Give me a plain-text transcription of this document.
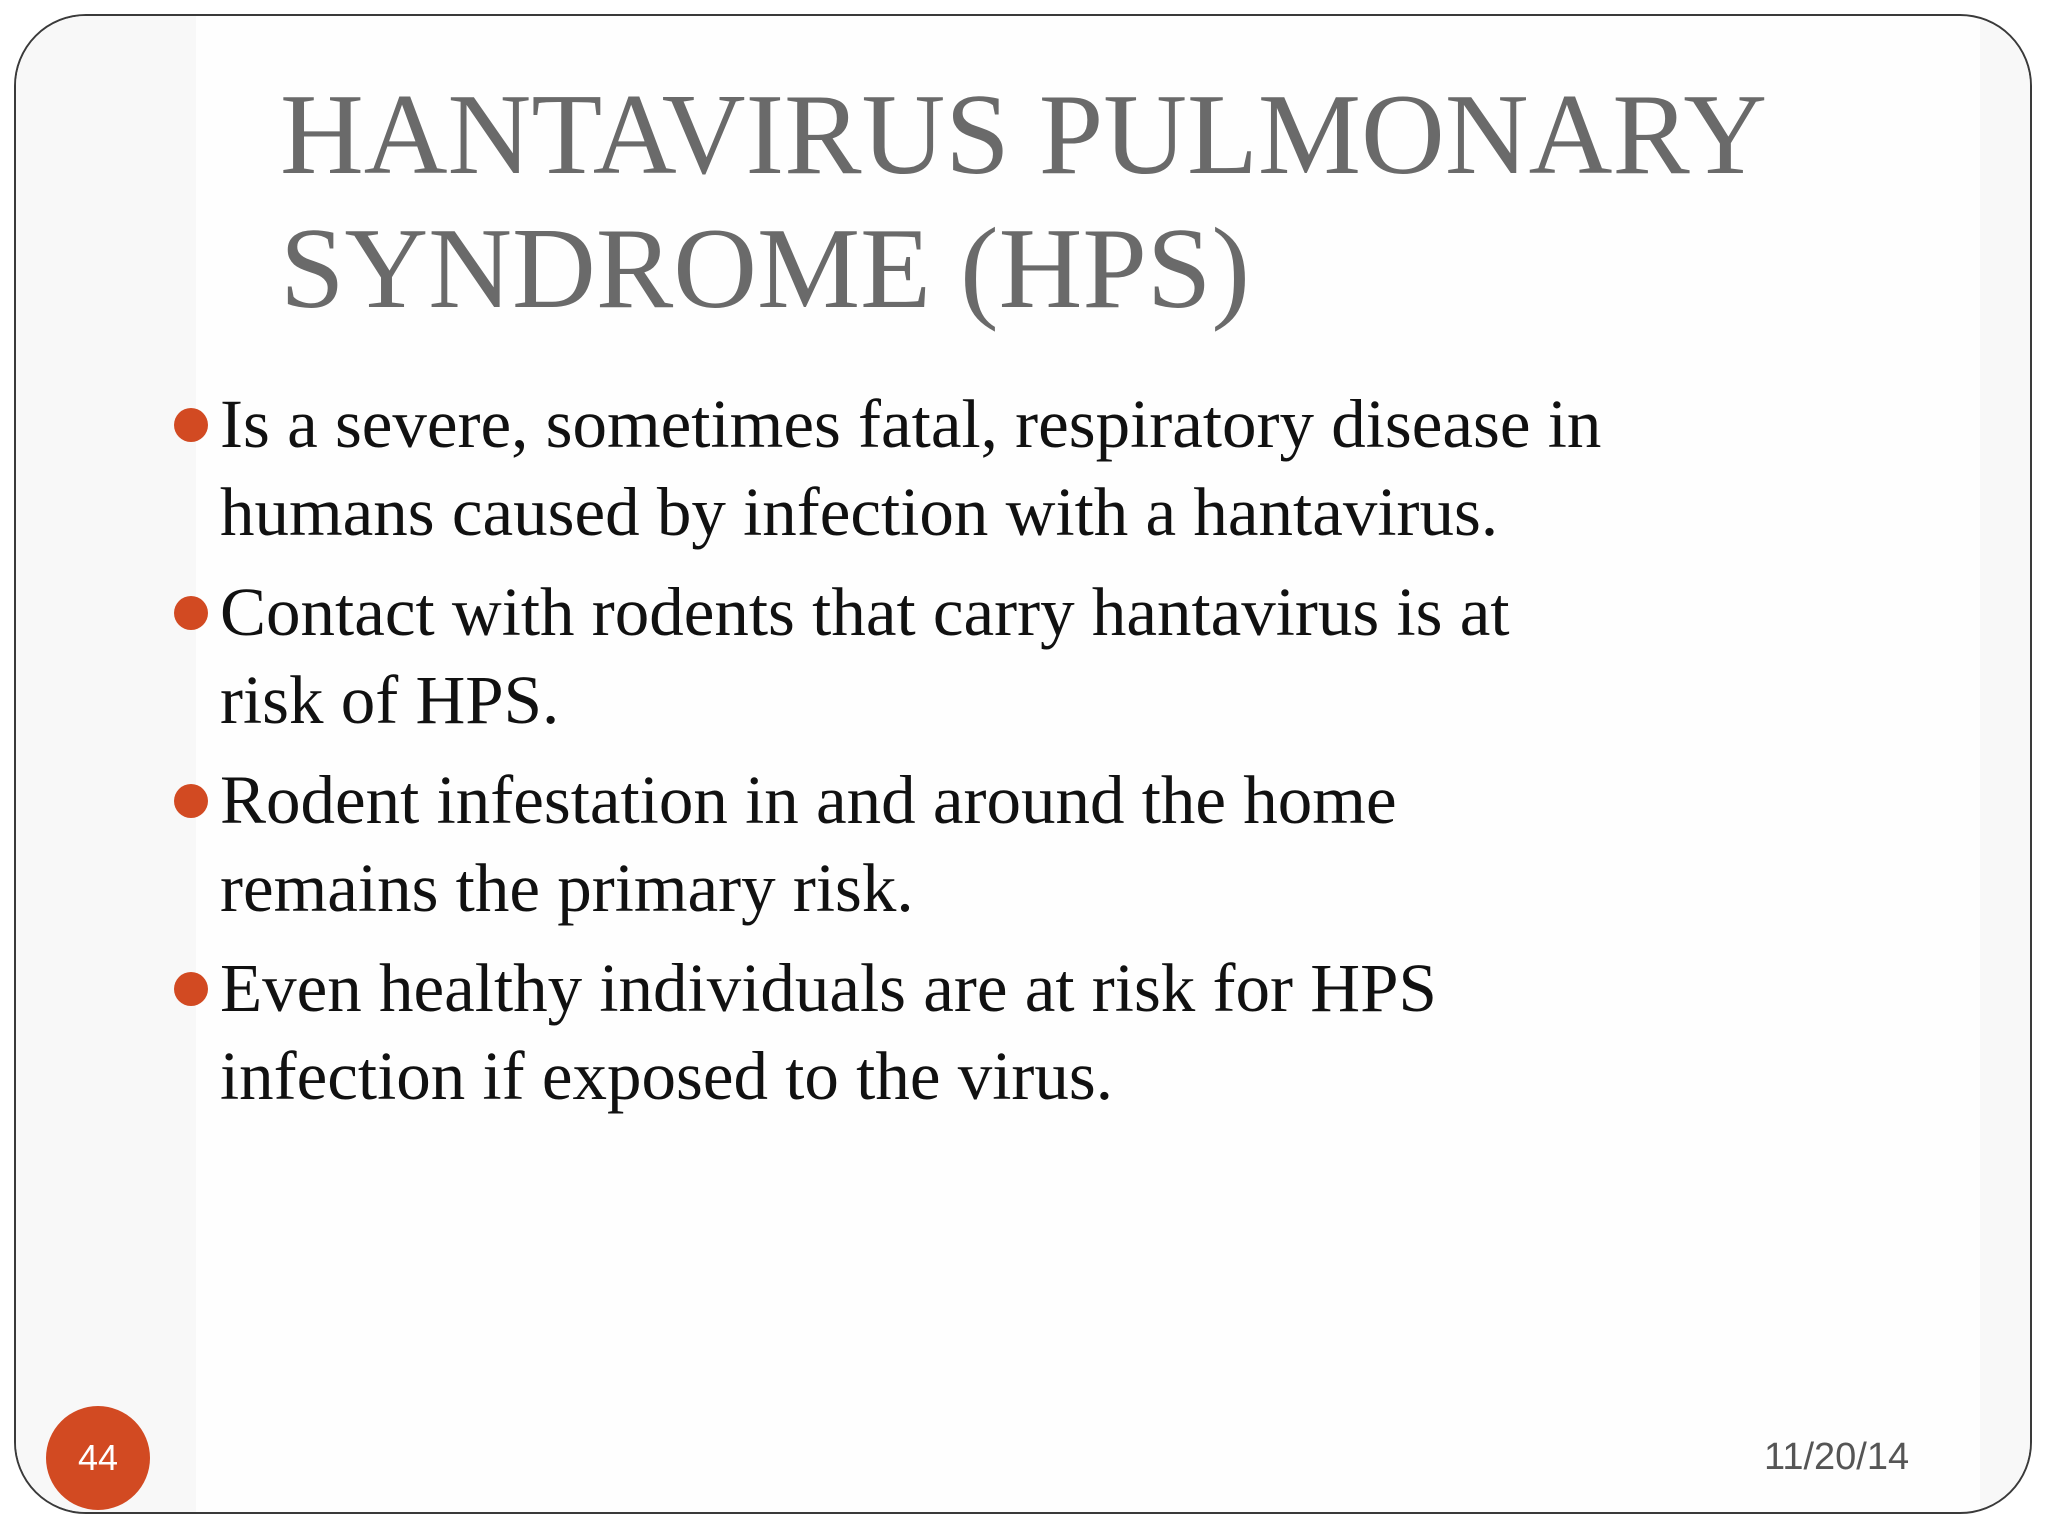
HANTAVIRUS PULMONARY
SYNDROME (HPS)
Is a severe, sometimes fatal, respiratory disease in
humans caused by infection with a hantavirus.
Contact with rodents that carry hantavirus is at
risk of HPS.
Rodent infestation in and around the home
remains the primary risk.
Even healthy individuals are at risk for HPS
infection if exposed to the virus.
44	11/20/14
